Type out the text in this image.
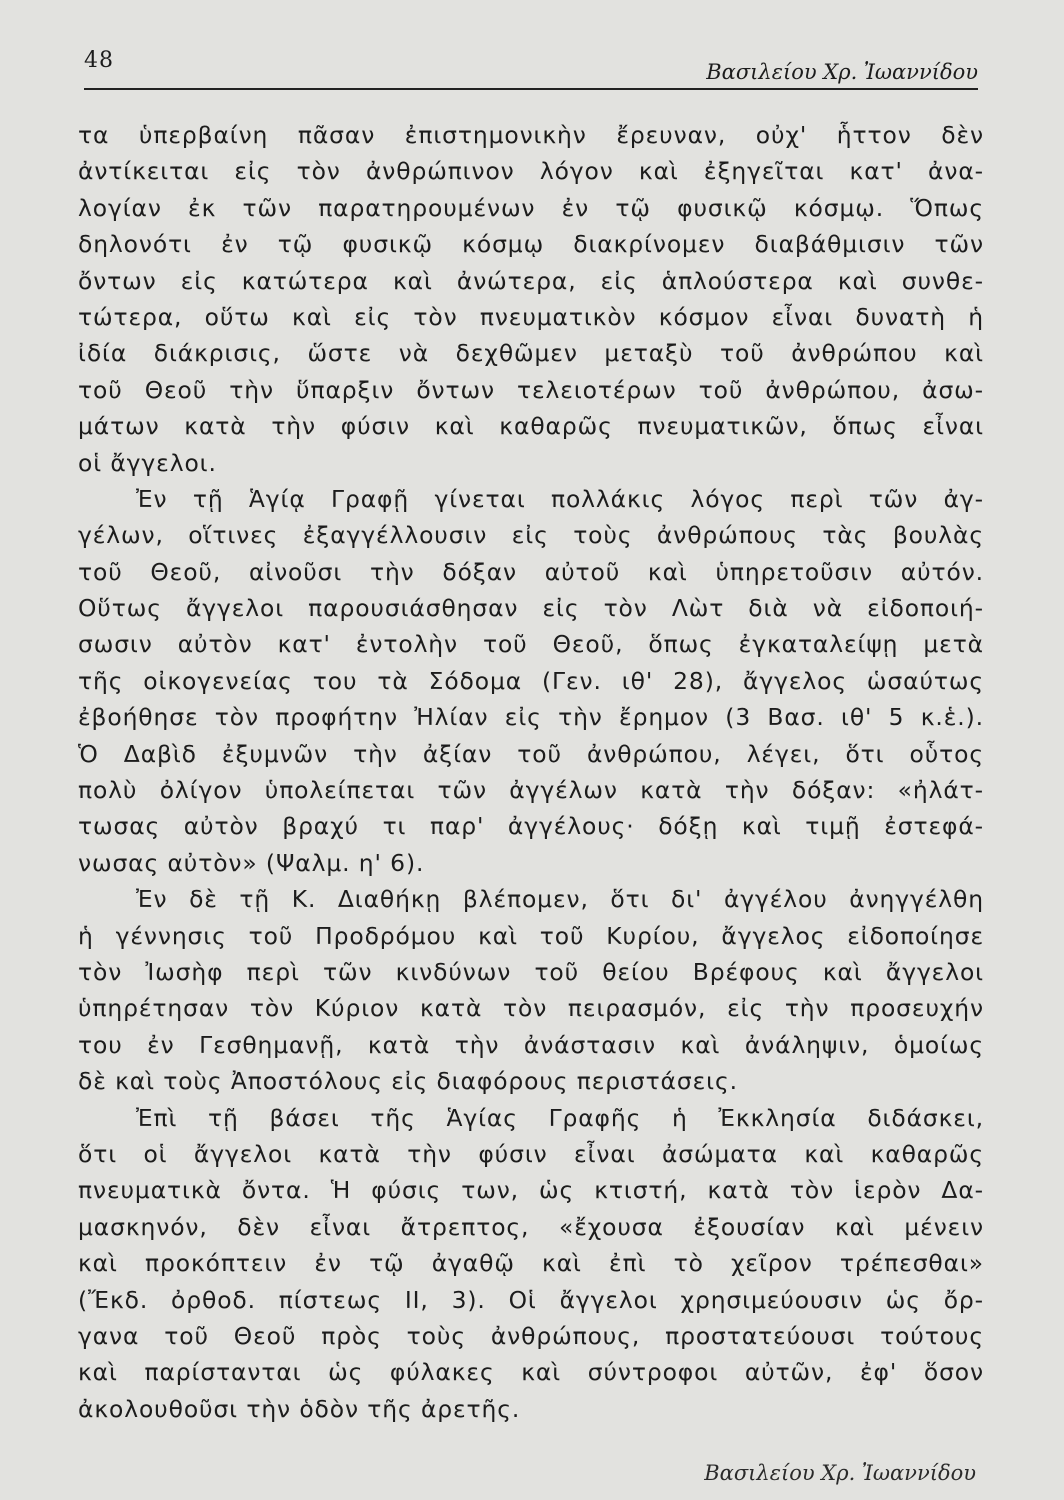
48	Βασιλείου Χρ. Ἰωαννίδου
τα ὑπερβαίνη πᾶσαν ἐπιστημονικὴν ἔρευναν, οὐχ' ἧττον δὲν
ἀντίκειται εἰς τὸν ἀνθρώπινον λόγον καὶ ἐξηγεῖται κατ' ἀνα-
λογίαν ἐκ τῶν παρατηρουμένων ἐν τῷ φυσικῷ κόσμῳ. Ὅπως
δηλονότι ἐν τῷ φυσικῷ κόσμῳ διακρίνομεν διαβάθμισιν τῶν
ὄντων εἰς κατώτερα καὶ ἀνώτερα, εἰς ἁπλούστερα καὶ συνθε-
τώτερα, οὕτω καὶ εἰς τὸν πνευματικὸν κόσμον εἶναι δυνατὴ ἡ
ἰδία διάκρισις, ὥστε νὰ δεχθῶμεν μεταξὺ τοῦ ἀνθρώπου καὶ
τοῦ Θεοῦ τὴν ὕπαρξιν ὄντων τελειοτέρων τοῦ ἀνθρώπου, ἀσω-
μάτων κατὰ τὴν φύσιν καὶ καθαρῶς πνευματικῶν, ὅπως εἶναι
οἱ ἄγγελοι.
Ἐν τῇ Ἁγίᾳ Γραφῇ γίνεται πολλάκις λόγος περὶ τῶν ἀγ-
γέλων, οἵτινες ἐξαγγέλλουσιν εἰς τοὺς ἀνθρώπους τὰς βουλὰς
τοῦ Θεοῦ, αἰνοῦσι τὴν δόξαν αὐτοῦ καὶ ὑπηρετοῦσιν αὐτόν.
Οὕτως ἄγγελοι παρουσιάσθησαν εἰς τὸν Λὼτ διὰ νὰ εἰδοποιή-
σωσιν αὐτὸν κατ' ἐντολὴν τοῦ Θεοῦ, ὅπως ἐγκαταλείψῃ μετὰ
τῆς οἰκογενείας του τὰ Σόδομα (Γεν. ιθ' 28), ἄγγελος ὡσαύτως
ἐβοήθησε τὸν προφήτην Ἠλίαν εἰς τὴν ἔρημον (3 Βασ. ιθ' 5 κ.ἑ.).
Ὁ Δαβὶδ ἐξυμνῶν τὴν ἀξίαν τοῦ ἀνθρώπου, λέγει, ὅτι οὗτος
πολὺ ὀλίγον ὑπολείπεται τῶν ἀγγέλων κατὰ τὴν δόξαν: «ἠλάτ-
τωσας αὐτὸν βραχύ τι παρ' ἀγγέλους· δόξῃ καὶ τιμῇ ἐστεφά-
νωσας αὐτὸν» (Ψαλμ. η' 6).
Ἐν δὲ τῇ Κ. Διαθήκῃ βλέπομεν, ὅτι δι' ἀγγέλου ἀνηγγέλθη
ἡ γέννησις τοῦ Προδρόμου καὶ τοῦ Κυρίου, ἄγγελος εἰδοποίησε
τὸν Ἰωσὴφ περὶ τῶν κινδύνων τοῦ θείου Βρέφους καὶ ἄγγελοι
ὑπηρέτησαν τὸν Κύριον κατὰ τὸν πειρασμόν, εἰς τὴν προσευχήν
του ἐν Γεσθημανῇ, κατὰ τὴν ἀνάστασιν καὶ ἀνάληψιν, ὁμοίως
δὲ καὶ τοὺς Ἀποστόλους εἰς διαφόρους περιστάσεις.
Ἐπὶ τῇ βάσει τῆς Ἁγίας Γραφῆς ἡ Ἐκκλησία διδάσκει,
ὅτι οἱ ἄγγελοι κατὰ τὴν φύσιν εἶναι ἀσώματα καὶ καθαρῶς
πνευματικὰ ὄντα. Ἡ φύσις των, ὡς κτιστή, κατὰ τὸν ἱερὸν Δα-
μασκηνόν, δὲν εἶναι ἄτρεπτος, «ἔχουσα ἐξουσίαν καὶ μένειν
καὶ προκόπτειν ἐν τῷ ἀγαθῷ καὶ ἐπὶ τὸ χεῖρον τρέπεσθαι»
(Ἔκδ. ὀρθοδ. πίστεως ΙΙ, 3). Οἱ ἄγγελοι χρησιμεύουσιν ὡς ὄρ-
γανα τοῦ Θεοῦ πρὸς τοὺς ἀνθρώπους, προστατεύουσι τούτους
καὶ παρίστανται ὡς φύλακες καὶ σύντροφοι αὐτῶν, ἐφ' ὅσον
ἀκολουθοῦσι τὴν ὁδὸν τῆς ἀρετῆς.
Βασιλείου Χρ. Ἰωαννίδου
